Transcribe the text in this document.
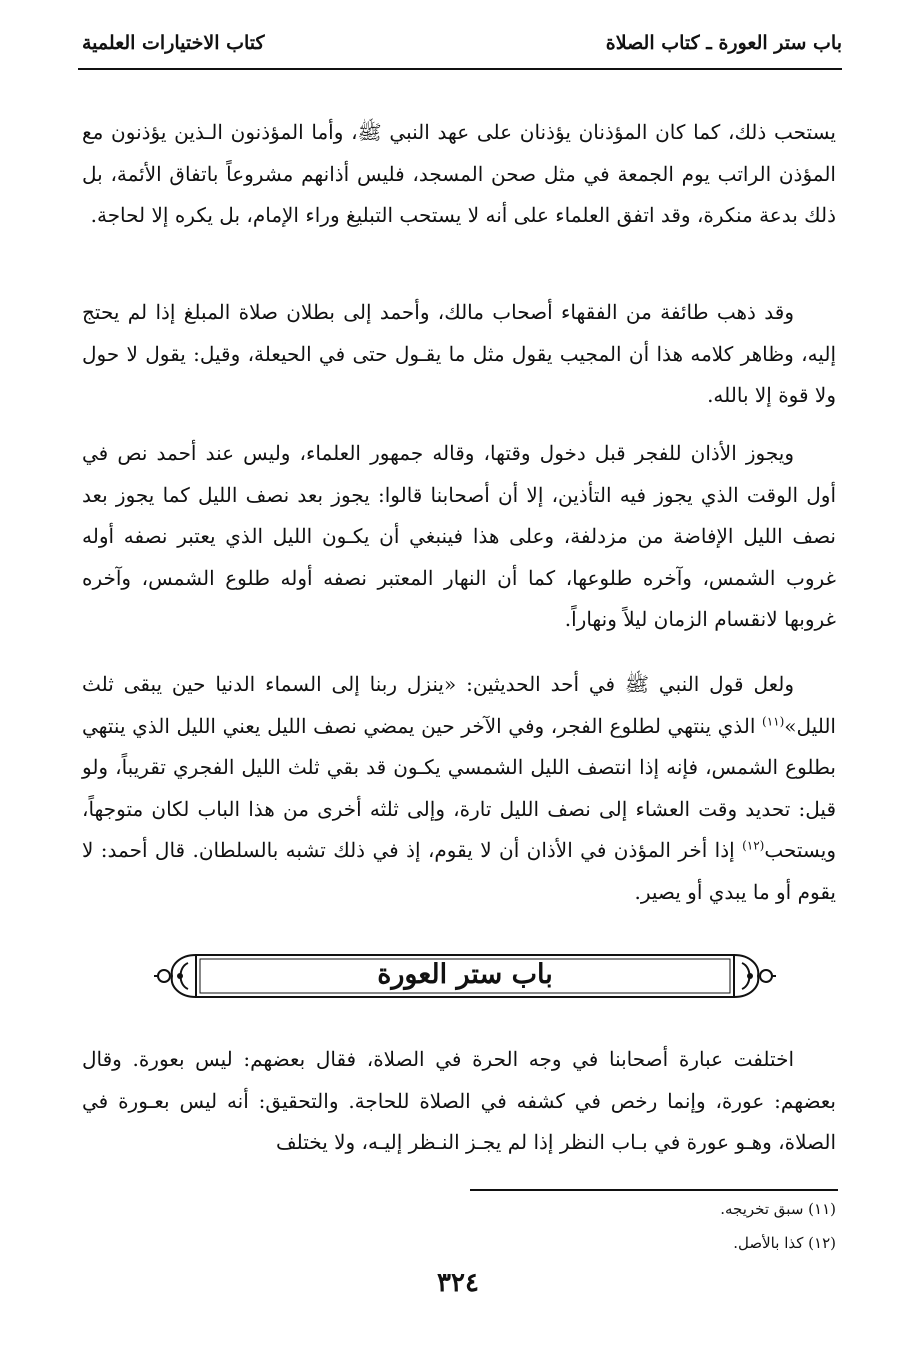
باب ستر العورة ـ كتاب الصلاة
كتاب الاختيارات العلمية

يستحب ذلك، كما كان المؤذنان يؤذنان على عهد النبي ﷺ، وأما المؤذنون الـذين يؤذنون مع المؤذن الراتب يوم الجمعة في مثل صحن المسجد، فليس أذانهم مشروعاً باتفاق الأئمة، بل ذلك بدعة منكرة، وقد اتفق العلماء على أنه لا يستحب التبليغ وراء الإمام، بل يكره إلا لحاجة.

وقد ذهب طائفة من الفقهاء أصحاب مالك، وأحمد إلى بطلان صلاة المبلغ إذا لم يحتج إليه، وظاهر كلامه هذا أن المجيب يقول مثل ما يقـول حتى في الحيعلة، وقيل: يقول لا حول ولا قوة إلا بالله.

ويجوز الأذان للفجر قبل دخول وقتها، وقاله جمهور العلماء، وليس عند أحمد نص في أول الوقت الذي يجوز فيه التأذين، إلا أن أصحابنا قالوا: يجوز بعد نصف الليل كما يجوز بعد نصف الليل الإفاضة من مزدلفة، وعلى هذا فينبغي أن يكـون الليل الذي يعتبر نصفه أوله غروب الشمس، وآخره طلوعها، كما أن النهار المعتبر نصفه أوله طلوع الشمس، وآخره غروبها لانقسام الزمان ليلاً ونهاراً.

ولعل قول النبي ﷺ في أحد الحديثين: «ينزل ربنا إلى السماء الدنيا حين يبقى ثلث الليل»$^{(١١)}$ الذي ينتهي لطلوع الفجر، وفي الآخر حين يمضي نصف الليل يعني الليل الذي ينتهي بطلوع الشمس، فإنه إذا انتصف الليل الشمسي يكـون قد بقي ثلث الليل الفجري تقريباً، ولو قيل: تحديد وقت العشاء إلى نصف الليل تارة، وإلى ثلثه أخرى من هذا الباب لكان متوجهاً، ويستحب$^{(١٢)}$ إذا أخر المؤذن في الأذان أن لا يقوم، إذ في ذلك تشبه بالسلطان. قال أحمد: لا يقوم أو ما يبدي أو يصير.

باب ستر العورة

اختلفت عبارة أصحابنا في وجه الحرة في الصلاة، فقال بعضهم: ليس بعورة. وقال بعضهم: عورة، وإنما رخص في كشفه في الصلاة للحاجة. والتحقيق: أنه ليس بعـورة في الصلاة، وهـو عورة في بـاب النظر إذا لم يجـز النـظر إليـه، ولا يختلف

(١١) سبق تخريجه.
(١٢) كذا بالأصل.
٣٢٤
